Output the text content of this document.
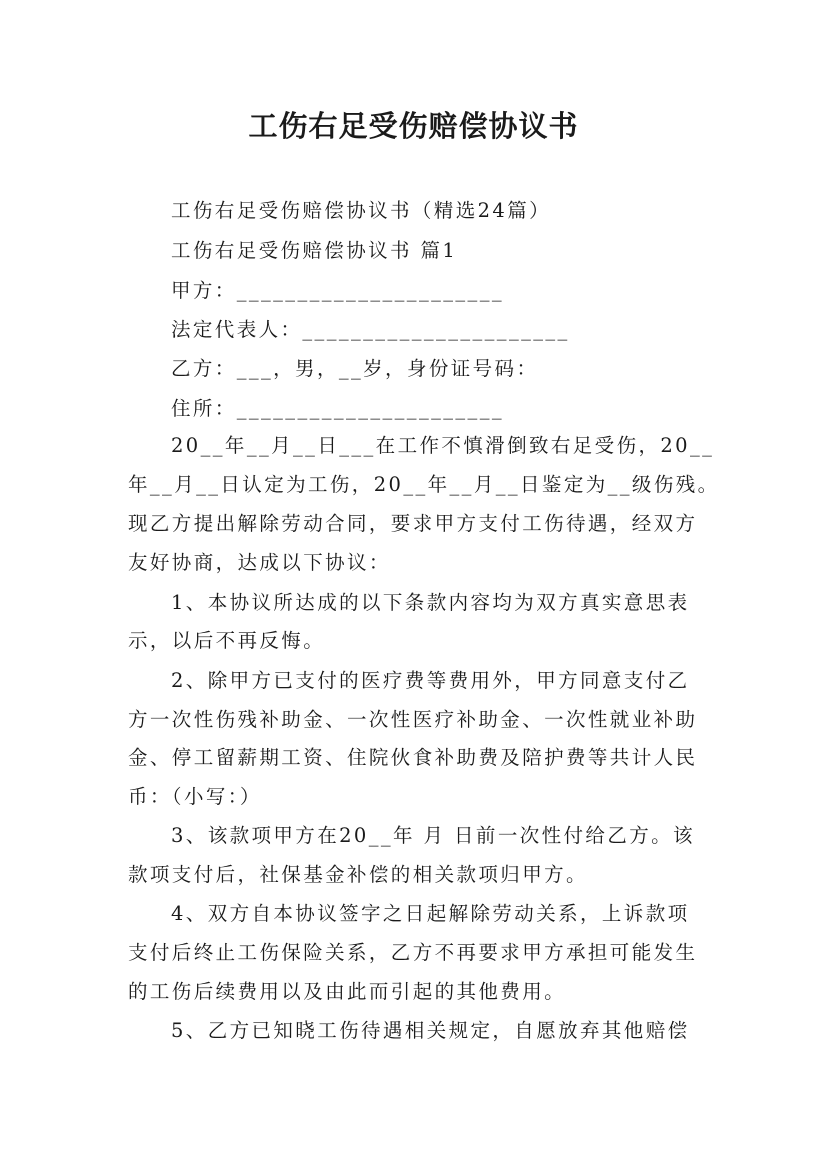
工伤右足受伤赔偿协议书
工伤右足受伤赔偿协议书（精选24篇）
工伤右足受伤赔偿协议书 篇1
甲方：______________________
法定代表人：______________________
乙方：___，男，__岁，身份证号码：
住所：______________________
20__年__月__日___在工作不慎滑倒致右足受伤，20__
年__月__日认定为工伤，20__年__月__日鉴定为__级伤残。
现乙方提出解除劳动合同，要求甲方支付工伤待遇，经双方
友好协商，达成以下协议：
1、本协议所达成的以下条款内容均为双方真实意思表
示，以后不再反悔。
2、除甲方已支付的医疗费等费用外，甲方同意支付乙
方一次性伤残补助金、一次性医疗补助金、一次性就业补助
金、停工留薪期工资、住院伙食补助费及陪护费等共计人民
币：（小写：）
3、该款项甲方在20__年 月 日前一次性付给乙方。该
款项支付后，社保基金补偿的相关款项归甲方。
4、双方自本协议签字之日起解除劳动关系，上诉款项
支付后终止工伤保险关系，乙方不再要求甲方承担可能发生
的工伤后续费用以及由此而引起的其他费用。
5、乙方已知晓工伤待遇相关规定，自愿放弃其他赔偿
